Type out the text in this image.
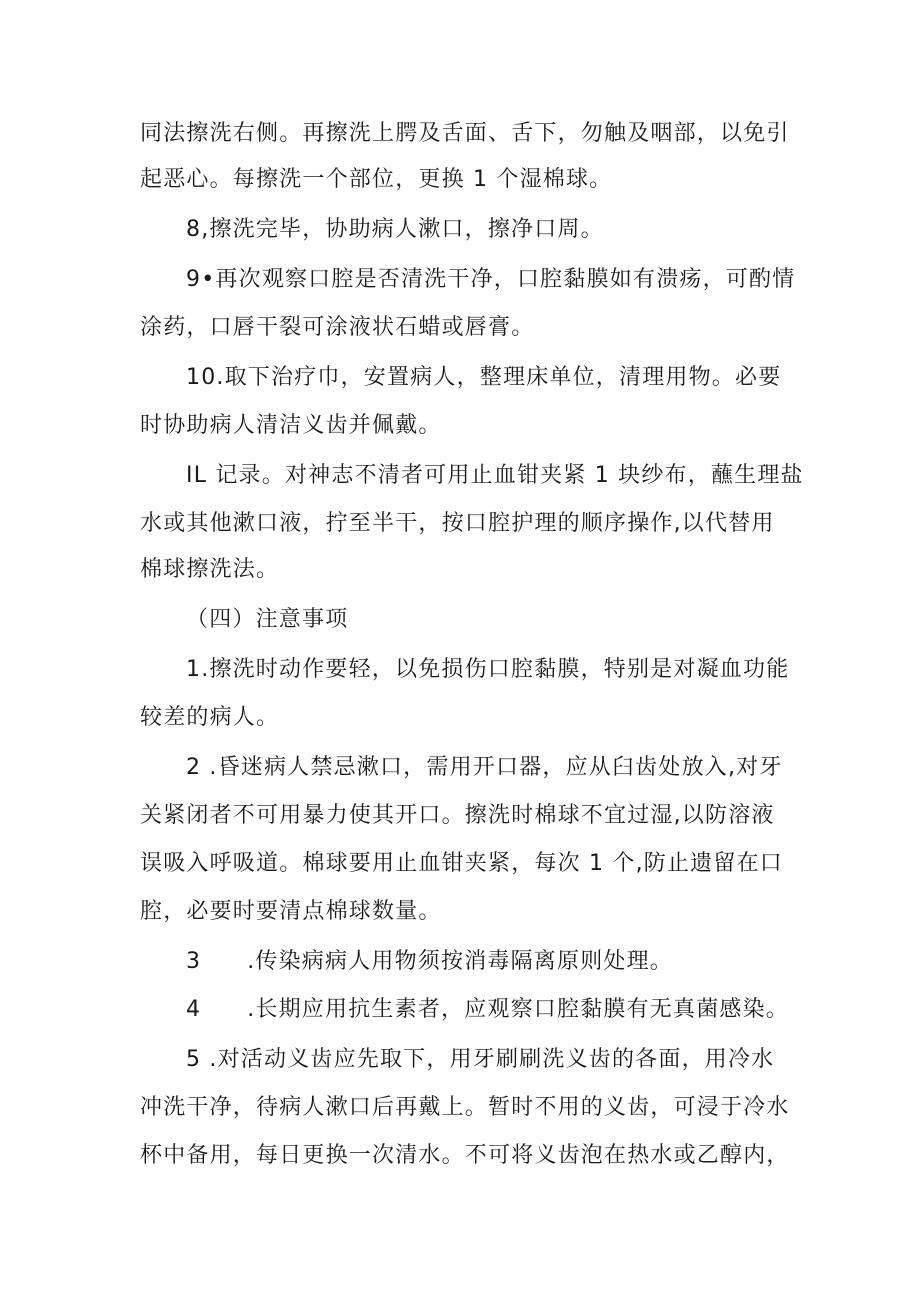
同法擦洗右侧。再擦洗上腭及舌面、舌下，勿触及咽部，以免引
起恶心。每擦洗一个部位，更换 1 个湿棉球。
8,擦洗完毕，协助病人漱口，擦净口周。
9•再次观察口腔是否清洗干净，口腔黏膜如有溃疡，可酌情
涂药，口唇干裂可涂液状石蜡或唇膏。
10.取下治疗巾，安置病人，整理床单位，清理用物。必要
时协助病人清洁义齿并佩戴。
IL 记录。对神志不清者可用止血钳夹紧 1 块纱布，蘸生理盐
水或其他漱口液，拧至半干，按口腔护理的顺序操作,以代替用
棉球擦洗法。
（四）注意事项
1.擦洗时动作要轻，以免损伤口腔黏膜，特别是对凝血功能
较差的病人。
2 .昏迷病人禁忌漱口，需用开口器，应从臼齿处放入,对牙
关紧闭者不可用暴力使其开口。擦洗时棉球不宜过湿,以防溶液
误吸入呼吸道。棉球要用止血钳夹紧，每次 1 个,防止遗留在口
腔，必要时要清点棉球数量。
3 .传染病病人用物须按消毒隔离原则处理。
4 .长期应用抗生素者，应观察口腔黏膜有无真菌感染。
5 .对活动义齿应先取下，用牙刷刷洗义齿的各面，用冷水
冲洗干净，待病人漱口后再戴上。暂时不用的义齿，可浸于冷水
杯中备用，每日更换一次清水。不可将义齿泡在热水或乙醇内，
